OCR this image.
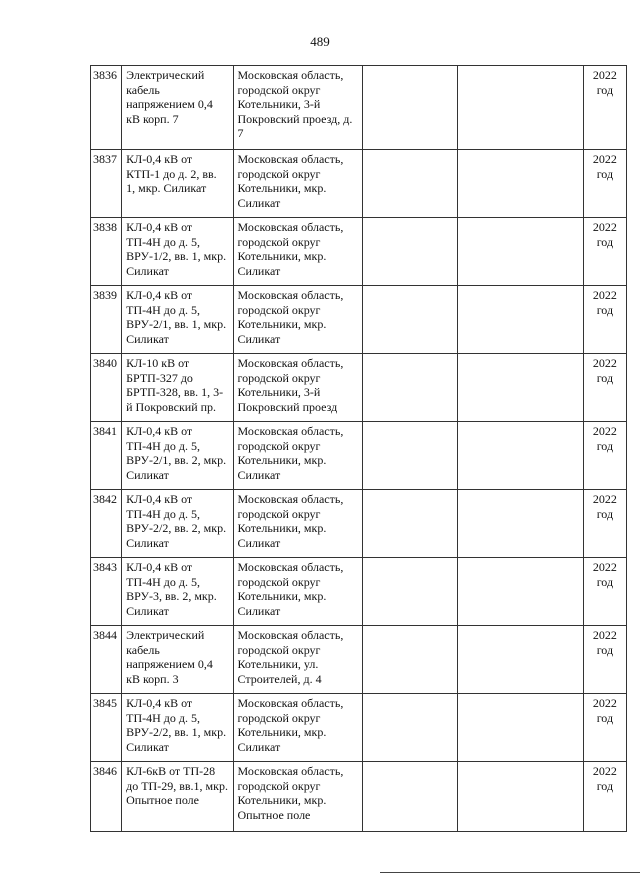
489
3836	Электрический кабель напряжением 0,4 кВ корп. 7	Московская область, городской округ Котельники, 3-й Покровский проезд, д. 7			2022 год
3837	КЛ-0,4 кВ от КТП-1 до д. 2, вв. 1, мкр. Силикат	Московская область, городской округ Котельники, мкр. Силикат			2022 год
3838	КЛ-0,4 кВ от ТП-4Н до д. 5, ВРУ-1/2, вв. 1, мкр. Силикат	Московская область, городской округ Котельники, мкр. Силикат			2022 год
3839	КЛ-0,4 кВ от ТП-4Н до д. 5, ВРУ-2/1, вв. 1, мкр. Силикат	Московская область, городской округ Котельники, мкр. Силикат			2022 год
3840	КЛ-10 кВ от БРТП-327 до БРТП-328, вв. 1, 3-й Покровский пр.	Московская область, городской округ Котельники, 3-й Покровский проезд			2022 год
3841	КЛ-0,4 кВ от ТП-4Н до д. 5, ВРУ-2/1, вв. 2, мкр. Силикат	Московская область, городской округ Котельники, мкр. Силикат			2022 год
3842	КЛ-0,4 кВ от ТП-4Н до д. 5, ВРУ-2/2, вв. 2, мкр. Силикат	Московская область, городской округ Котельники, мкр. Силикат			2022 год
3843	КЛ-0,4 кВ от ТП-4Н до д. 5, ВРУ-3, вв. 2, мкр. Силикат	Московская область, городской округ Котельники, мкр. Силикат			2022 год
3844	Электрический кабель напряжением 0,4 кВ корп. 3	Московская область, городской округ Котельники, ул. Строителей, д. 4			2022 год
3845	КЛ-0,4 кВ от ТП-4Н до д. 5, ВРУ-2/2, вв. 1, мкр. Силикат	Московская область, городской округ Котельники, мкр. Силикат			2022 год
3846	КЛ-6кВ от ТП-28 до ТП-29, вв.1, мкр. Опытное поле	Московская область, городской округ Котельники, мкр. Опытное поле			2022 год
